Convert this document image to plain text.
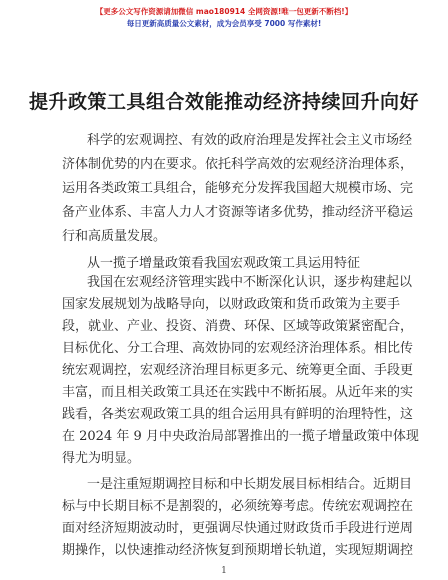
【更多公文写作资源请加微信 mao180914 全网资源!唯一包更新不断档!】
每日更新高质量公文素材，成为会员享受 7000 写作素材!
提升政策工具组合效能推动经济持续回升向好
科学的宏观调控、有效的政府治理是发挥社会主义市场经
济体制优势的内在要求。依托科学高效的宏观经济治理体系，
运用各类政策工具组合，能够充分发挥我国超大规模市场、完
备产业体系、丰富人力人才资源等诸多优势，推动经济平稳运
行和高质量发展。
从一揽子增量政策看我国宏观政策工具运用特征
我国在宏观经济管理实践中不断深化认识，逐步构建起以
国家发展规划为战略导向，以财政政策和货币政策为主要手
段，就业、产业、投资、消费、环保、区域等政策紧密配合，
目标优化、分工合理、高效协同的宏观经济治理体系。相比传
统宏观调控，宏观经济治理目标更多元、统筹更全面、手段更
丰富，而且相关政策工具还在实践中不断拓展。从近年来的实
践看，各类宏观政策工具的组合运用具有鲜明的治理特性，这
在 2024 年 9 月中央政治局部署推出的一揽子增量政策中体现
得尤为明显。
一是注重短期调控目标和中长期发展目标相结合。近期目
标与中长期目标不是割裂的，必须统筹考虑。传统宏观调控在
面对经济短期波动时，更强调尽快通过财政货币手段进行逆周
期操作，以快速推动经济恢复到预期增长轨道，实现短期调控
1
